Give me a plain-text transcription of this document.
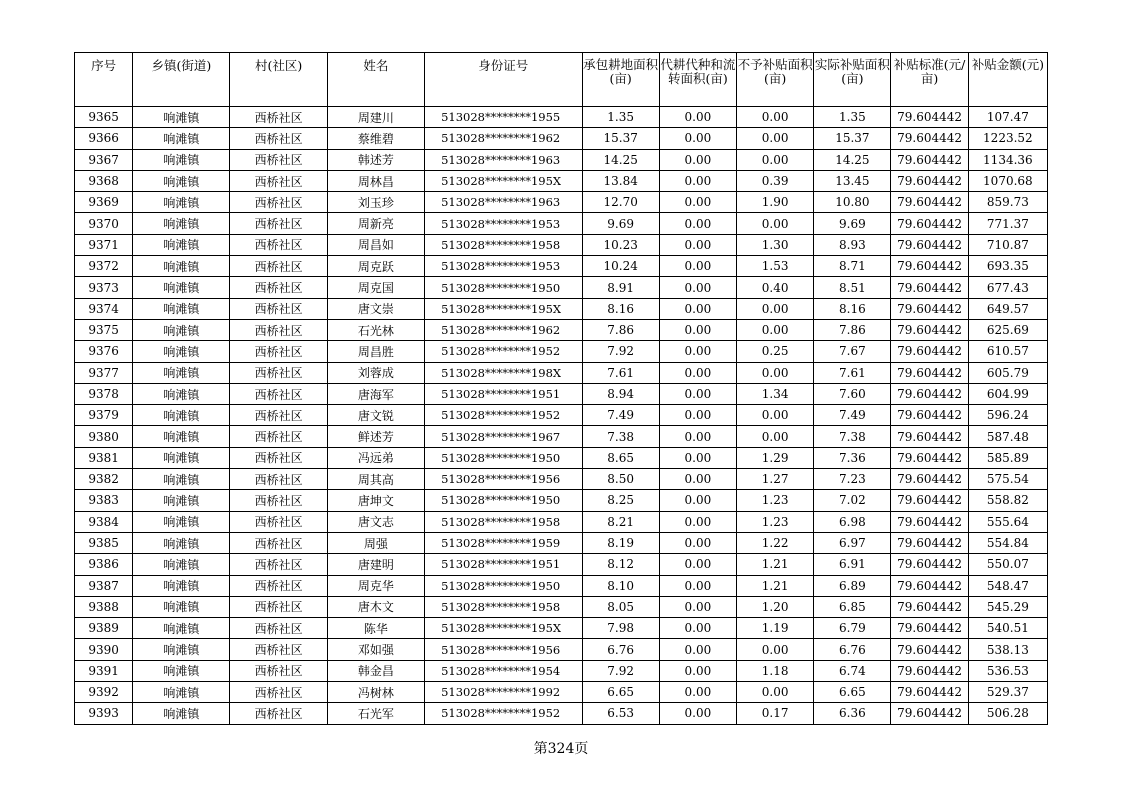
序号	乡镇(街道)	村(社区)	姓名	身份证号	承包耕地面积(亩)	代耕代种和流转面积(亩)	不予补贴面积(亩)	实际补贴面积(亩)	补贴标准(元/亩)	补贴金额(元)
9365	响滩镇	西桥社区	周建川	513028********1955	1.35	0.00	0.00	1.35	79.604442	107.47
9366	响滩镇	西桥社区	蔡维碧	513028********1962	15.37	0.00	0.00	15.37	79.604442	1223.52
9367	响滩镇	西桥社区	韩述芳	513028********1963	14.25	0.00	0.00	14.25	79.604442	1134.36
9368	响滩镇	西桥社区	周林昌	513028********195X	13.84	0.00	0.39	13.45	79.604442	1070.68
9369	响滩镇	西桥社区	刘玉珍	513028********1963	12.70	0.00	1.90	10.80	79.604442	859.73
9370	响滩镇	西桥社区	周新亮	513028********1953	9.69	0.00	0.00	9.69	79.604442	771.37
9371	响滩镇	西桥社区	周昌如	513028********1958	10.23	0.00	1.30	8.93	79.604442	710.87
9372	响滩镇	西桥社区	周克跃	513028********1953	10.24	0.00	1.53	8.71	79.604442	693.35
9373	响滩镇	西桥社区	周克国	513028********1950	8.91	0.00	0.40	8.51	79.604442	677.43
9374	响滩镇	西桥社区	唐文崇	513028********195X	8.16	0.00	0.00	8.16	79.604442	649.57
9375	响滩镇	西桥社区	石光林	513028********1962	7.86	0.00	0.00	7.86	79.604442	625.69
9376	响滩镇	西桥社区	周昌胜	513028********1952	7.92	0.00	0.25	7.67	79.604442	610.57
9377	响滩镇	西桥社区	刘蓉成	513028********198X	7.61	0.00	0.00	7.61	79.604442	605.79
9378	响滩镇	西桥社区	唐海军	513028********1951	8.94	0.00	1.34	7.60	79.604442	604.99
9379	响滩镇	西桥社区	唐文锐	513028********1952	7.49	0.00	0.00	7.49	79.604442	596.24
9380	响滩镇	西桥社区	鲜述芳	513028********1967	7.38	0.00	0.00	7.38	79.604442	587.48
9381	响滩镇	西桥社区	冯远弟	513028********1950	8.65	0.00	1.29	7.36	79.604442	585.89
9382	响滩镇	西桥社区	周其高	513028********1956	8.50	0.00	1.27	7.23	79.604442	575.54
9383	响滩镇	西桥社区	唐坤文	513028********1950	8.25	0.00	1.23	7.02	79.604442	558.82
9384	响滩镇	西桥社区	唐文志	513028********1958	8.21	0.00	1.23	6.98	79.604442	555.64
9385	响滩镇	西桥社区	周强	513028********1959	8.19	0.00	1.22	6.97	79.604442	554.84
9386	响滩镇	西桥社区	唐建明	513028********1951	8.12	0.00	1.21	6.91	79.604442	550.07
9387	响滩镇	西桥社区	周克华	513028********1950	8.10	0.00	1.21	6.89	79.604442	548.47
9388	响滩镇	西桥社区	唐木文	513028********1958	8.05	0.00	1.20	6.85	79.604442	545.29
9389	响滩镇	西桥社区	陈华	513028********195X	7.98	0.00	1.19	6.79	79.604442	540.51
9390	响滩镇	西桥社区	邓如强	513028********1956	6.76	0.00	0.00	6.76	79.604442	538.13
9391	响滩镇	西桥社区	韩金昌	513028********1954	7.92	0.00	1.18	6.74	79.604442	536.53
9392	响滩镇	西桥社区	冯树林	513028********1992	6.65	0.00	0.00	6.65	79.604442	529.37
9393	响滩镇	西桥社区	石光军	513028********1952	6.53	0.00	0.17	6.36	79.604442	506.28
第324页
